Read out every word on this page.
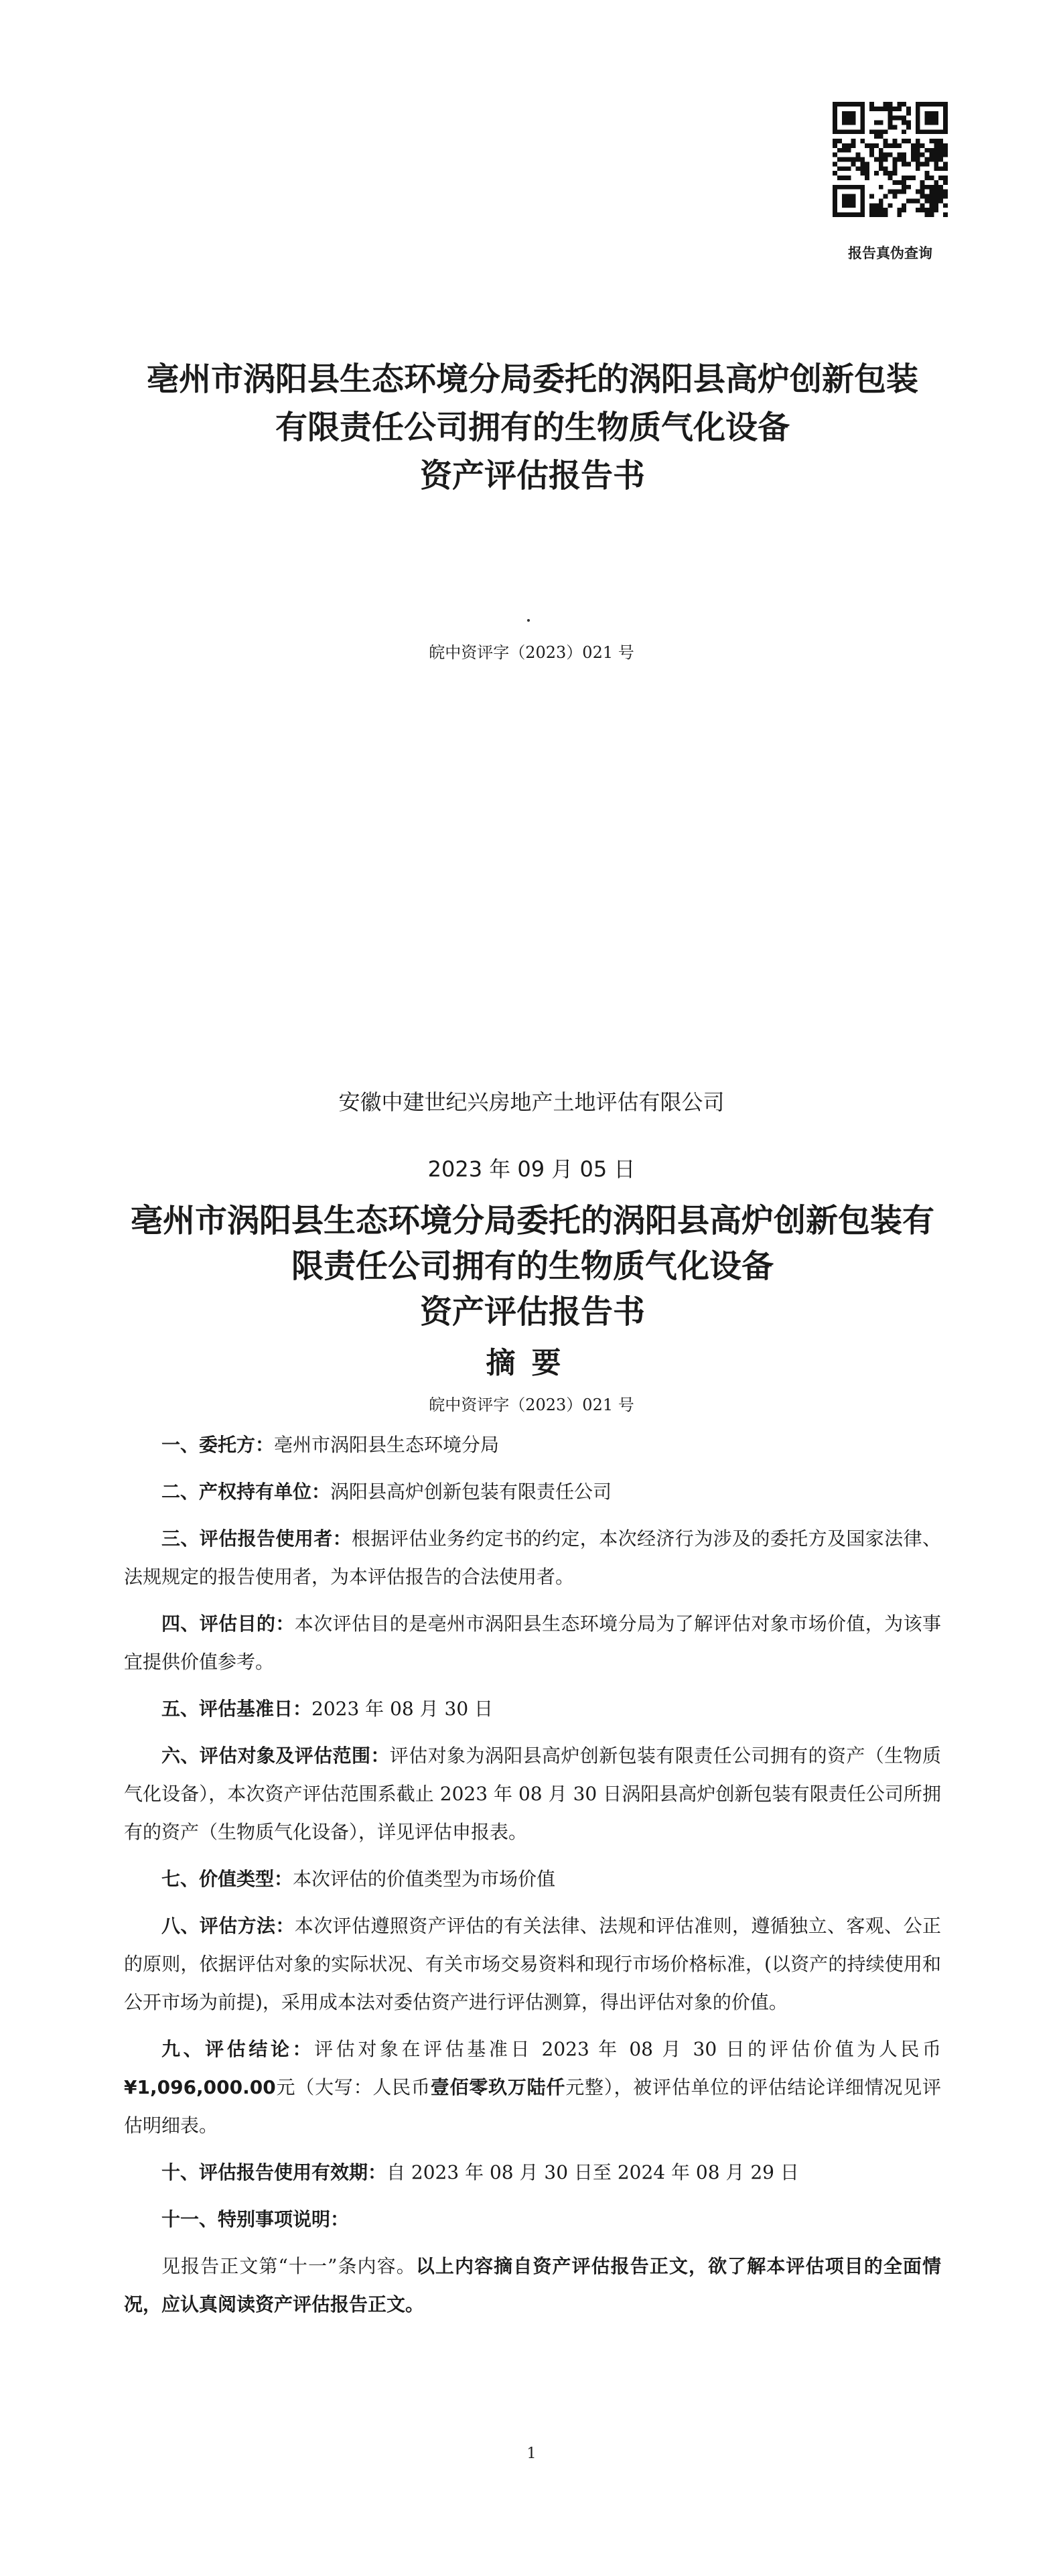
报告真伪查询
亳州市涡阳县生态环境分局委托的涡阳县高炉创新包装
有限责任公司拥有的生物质气化设备
资产评估报告书
皖中资评字（2023）021 号
安徽中建世纪兴房地产土地评估有限公司
2023 年 09 月 05 日
亳州市涡阳县生态环境分局委托的涡阳县高炉创新包装有
限责任公司拥有的生物质气化设备
资产评估报告书
摘要
皖中资评字（2023）021 号

一、委托方：亳州市涡阳县生态环境分局

二、产权持有单位：涡阳县高炉创新包装有限责任公司

三、评估报告使用者：根据评估业务约定书的约定，本次经济行为涉及的委托方及国家法律、法规规定的报告使用者，为本评估报告的合法使用者。

四、评估目的：本次评估目的是亳州市涡阳县生态环境分局为了解评估对象市场价值，为该事宜提供价值参考。

五、评估基准日：2023 年 08 月 30 日

六、评估对象及评估范围：评估对象为涡阳县高炉创新包装有限责任公司拥有的资产（生物质气化设备），本次资产评估范围系截止 2023 年 08 月 30 日涡阳县高炉创新包装有限责任公司所拥有的资产（生物质气化设备），详见评估申报表。

七、价值类型：本次评估的价值类型为市场价值

八、评估方法：本次评估遵照资产评估的有关法律、法规和评估准则，遵循独立、客观、公正的原则，依据评估对象的实际状况、有关市场交易资料和现行市场价格标准，(以资产的持续使用和公开市场为前提)，采用成本法对委估资产进行评估测算，得出评估对象的价值。

九、评估结论：评估对象在评估基准日 2023 年 08 月 30 日的评估价值为人民币¥1,096,000.00元（大写：人民币壹佰零玖万陆仟元整），被评估单位的评估结论详细情况见评估明细表。

十、评估报告使用有效期：自 2023 年 08 月 30 日至 2024 年 08 月 29 日

十一、特别事项说明：

见报告正文第“十一”条内容。以上内容摘自资产评估报告正文，欲了解本评估项目的全面情况，应认真阅读资产评估报告正文。

1
